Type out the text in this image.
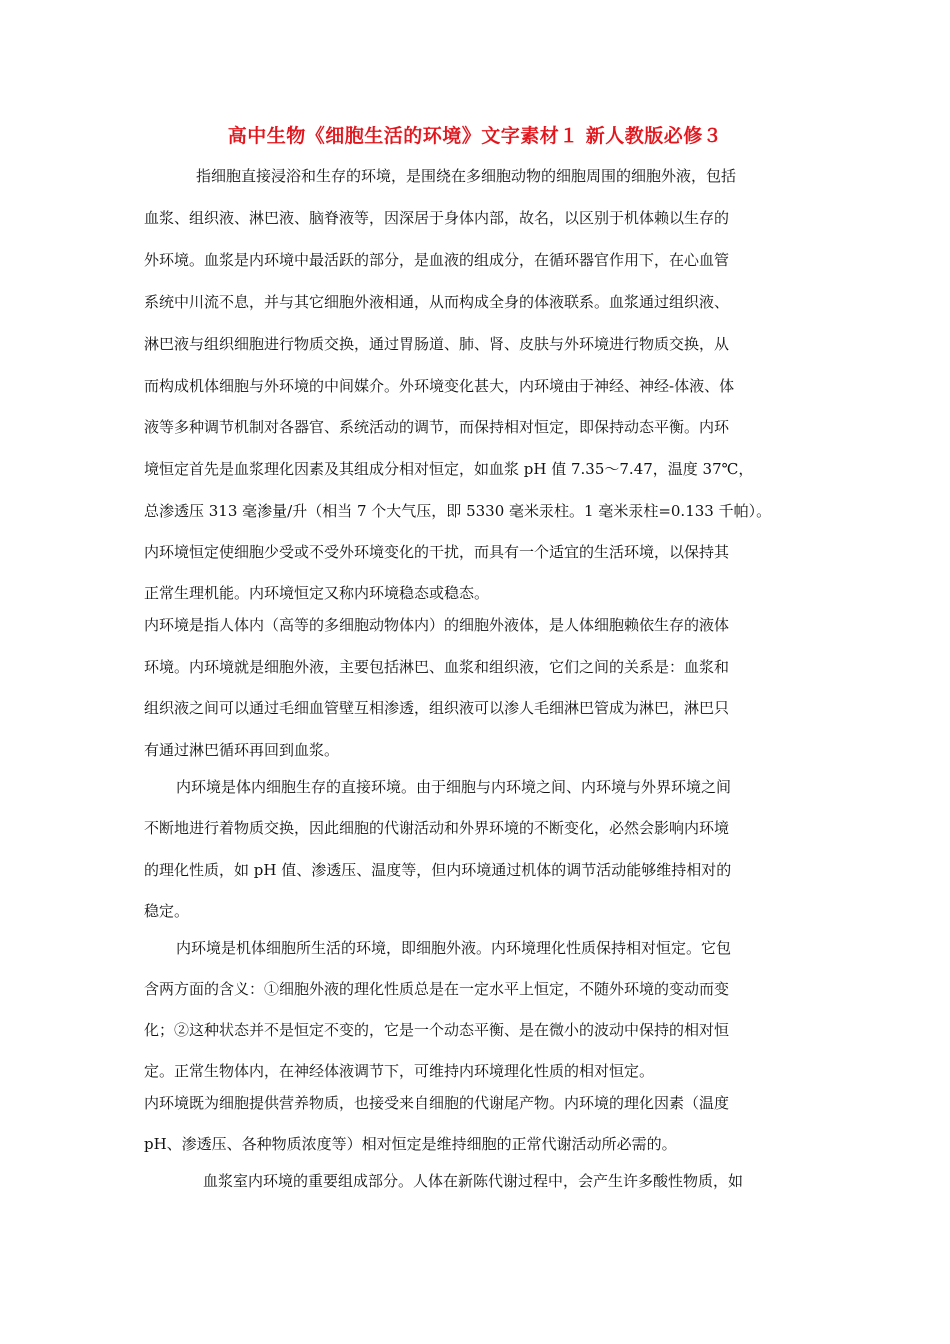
高中生物《细胞生活的环境》文字素材１ 新人教版必修３
指细胞直接浸浴和生存的环境，是围绕在多细胞动物的细胞周围的细胞外液，包括
血浆、组织液、淋巴液、脑脊液等，因深居于身体内部，故名，以区别于机体赖以生存的
外环境。血浆是内环境中最活跃的部分，是血液的组成分，在循环器官作用下，在心血管
系统中川流不息，并与其它细胞外液相通，从而构成全身的体液联系。血浆通过组织液、
淋巴液与组织细胞进行物质交换，通过胃肠道、肺、肾、皮肤与外环境进行物质交换，从
而构成机体细胞与外环境的中间媒介。外环境变化甚大，内环境由于神经、神经-体液、体
液等多种调节机制对各器官、系统活动的调节，而保持相对恒定，即保持动态平衡。内环
境恒定首先是血浆理化因素及其组成分相对恒定，如血浆 pH 值 7.35～7.47，温度 37℃，
总渗透压 313 毫渗量/升（相当 7 个大气压，即 5330 毫米汞柱。1 毫米汞柱=0.133 千帕）。
内环境恒定使细胞少受或不受外环境变化的干扰，而具有一个适宜的生活环境，以保持其
正常生理机能。内环境恒定又称内环境稳态或稳态。
内环境是指人体内（高等的多细胞动物体内）的细胞外液体，是人体细胞赖依生存的液体
环境。内环境就是细胞外液，主要包括淋巴、血浆和组织液，它们之间的关系是：血浆和
组织液之间可以通过毛细血管壁互相渗透，组织液可以渗人毛细淋巴管成为淋巴，淋巴只
有通过淋巴循环再回到血浆。
内环境是体内细胞生存的直接环境。由于细胞与内环境之间、内环境与外界环境之间
不断地进行着物质交换，因此细胞的代谢活动和外界环境的不断变化，必然会影响内环境
的理化性质，如 pH 值、渗透压、温度等，但内环境通过机体的调节活动能够维持相对的
稳定。
内环境是机体细胞所生活的环境，即细胞外液。内环境理化性质保持相对恒定。它包
含两方面的含义：①细胞外液的理化性质总是在一定水平上恒定，不随外环境的变动而变
化；②这种状态并不是恒定不变的，它是一个动态平衡、是在微小的波动中保持的相对恒
定。正常生物体内，在神经体液调节下，可维持内环境理化性质的相对恒定。
内环境既为细胞提供营养物质，也接受来自细胞的代谢尾产物。内环境的理化因素（温度
pH、渗透压、各种物质浓度等）相对恒定是维持细胞的正常代谢活动所必需的。
血浆室内环境的重要组成部分。人体在新陈代谢过程中，会产生许多酸性物质，如
